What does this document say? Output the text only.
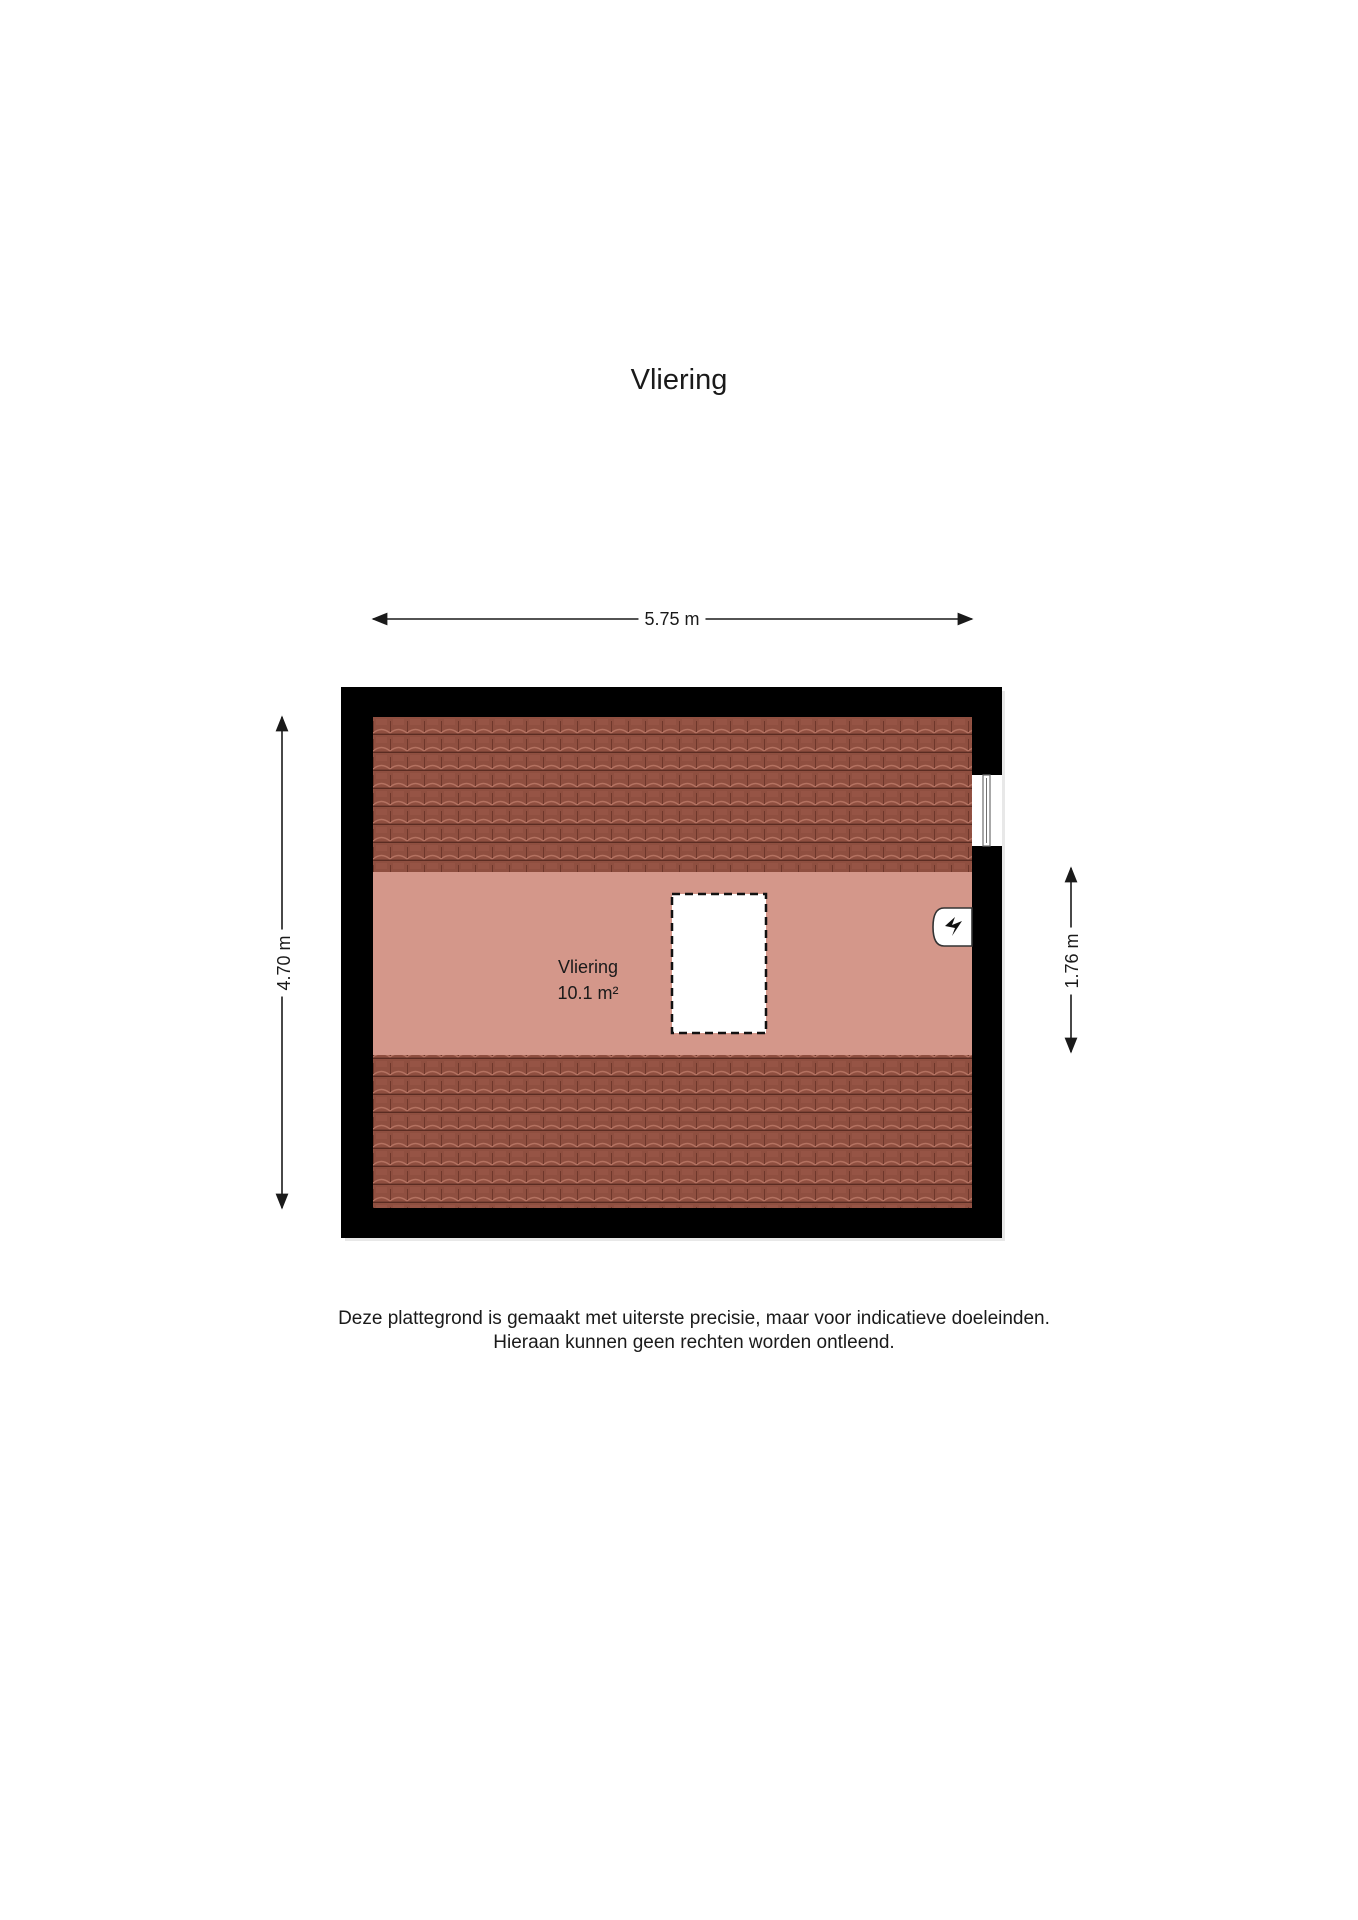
Vliering
5.75 m
4.70 m	1.76 m
Vliering
10.1 m²
Deze plattegrond is gemaakt met uiterste precisie, maar voor indicatieve doeleinden.
Hieraan kunnen geen rechten worden ontleend.
